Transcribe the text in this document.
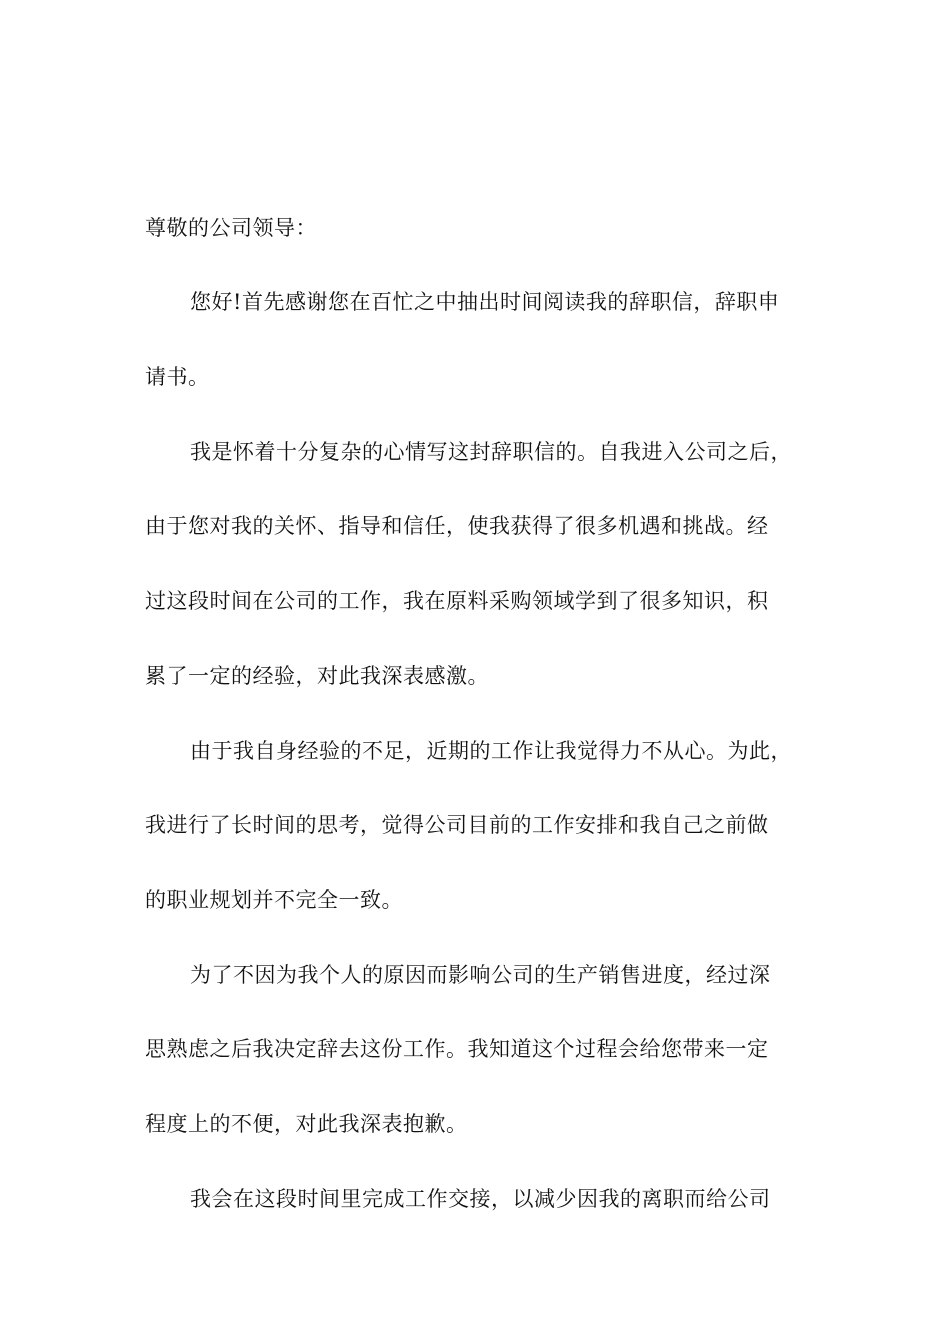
尊敬的公司领导：
您好!首先感谢您在百忙之中抽出时间阅读我的辞职信，辞职申
请书。
我是怀着十分复杂的心情写这封辞职信的。自我进入公司之后，
由于您对我的关怀、指导和信任，使我获得了很多机遇和挑战。经
过这段时间在公司的工作，我在原料采购领域学到了很多知识，积
累了一定的经验，对此我深表感激。
由于我自身经验的不足，近期的工作让我觉得力不从心。为此，
我进行了长时间的思考，觉得公司目前的工作安排和我自己之前做
的职业规划并不完全一致。
为了不因为我个人的原因而影响公司的生产销售进度，经过深
思熟虑之后我决定辞去这份工作。我知道这个过程会给您带来一定
程度上的不便，对此我深表抱歉。
我会在这段时间里完成工作交接，以减少因我的离职而给公司
